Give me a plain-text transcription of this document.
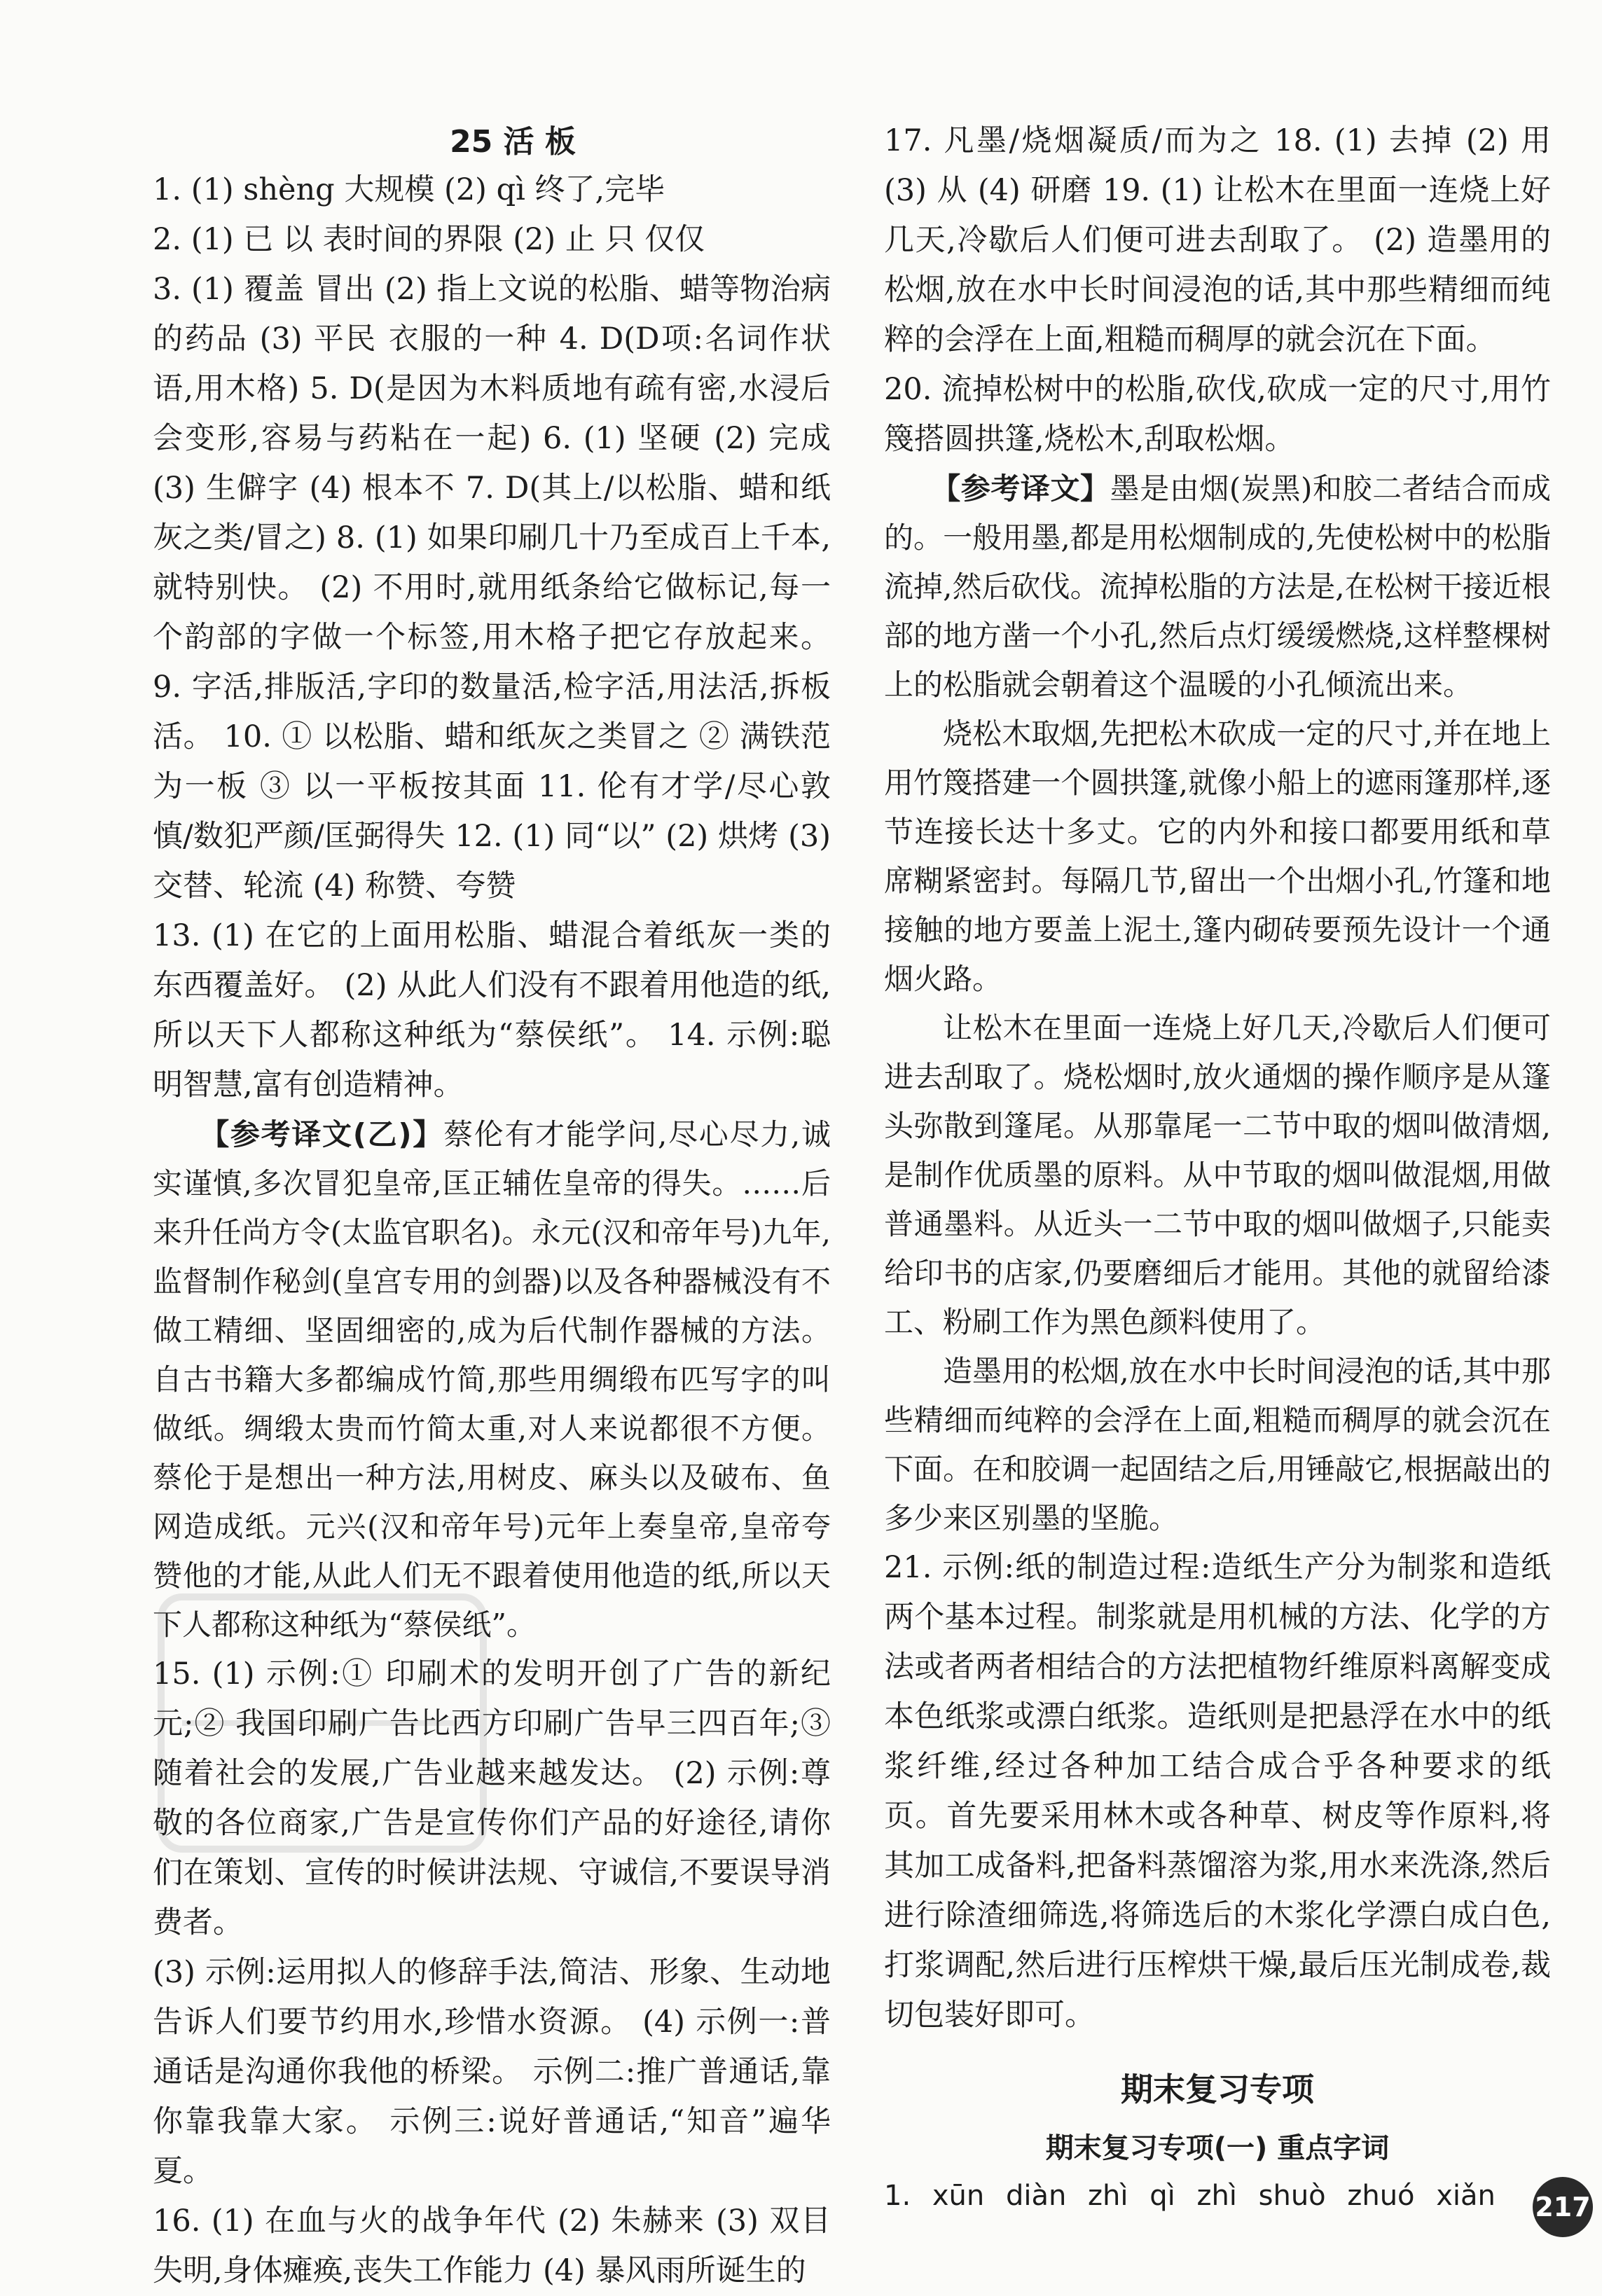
25 活 板

1. (1) shèng 大规模 (2) qì 终了,完毕

2. (1) 已 以 表时间的界限 (2) 止 只 仅仅

3. (1) 覆盖 冒出 (2) 指上文说的松脂、蜡等物治病的药品 (3) 平民 衣服的一种 4. D(D项:名词作状语,用木格) 5. D(是因为木料质地有疏有密,水浸后会变形,容易与药粘在一起) 6. (1) 坚硬 (2) 完成 (3) 生僻字 (4) 根本不 7. D(其上/以松脂、蜡和纸灰之类/冒之) 8. (1) 如果印刷几十乃至成百上千本,就特别快。 (2) 不用时,就用纸条给它做标记,每一个韵部的字做一个标签,用木格子把它存放起来。 9. 字活,排版活,字印的数量活,检字活,用法活,拆板活。 10. ① 以松脂、蜡和纸灰之类冒之 ② 满铁范为一板 ③ 以一平板按其面 11. 伦有才学/尽心敦慎/数犯严颜/匡弼得失 12. (1) 同“以” (2) 烘烤 (3) 交替、轮流 (4) 称赞、夸赞

13. (1) 在它的上面用松脂、蜡混合着纸灰一类的东西覆盖好。 (2) 从此人们没有不跟着用他造的纸,所以天下人都称这种纸为“蔡侯纸”。 14. 示例:聪明智慧,富有创造精神。

【参考译文(乙)】蔡伦有才能学问,尽心尽力,诚实谨慎,多次冒犯皇帝,匡正辅佐皇帝的得失。……后来升任尚方令(太监官职名)。永元(汉和帝年号)九年,监督制作秘剑(皇宫专用的剑器)以及各种器械没有不做工精细、坚固细密的,成为后代制作器械的方法。自古书籍大多都编成竹简,那些用绸缎布匹写字的叫做纸。绸缎太贵而竹简太重,对人来说都很不方便。蔡伦于是想出一种方法,用树皮、麻头以及破布、鱼网造成纸。元兴(汉和帝年号)元年上奏皇帝,皇帝夸赞他的才能,从此人们无不跟着使用他造的纸,所以天下人都称这种纸为“蔡侯纸”。

15. (1) 示例:① 印刷术的发明开创了广告的新纪元;② 我国印刷广告比西方印刷广告早三四百年;③ 随着社会的发展,广告业越来越发达。 (2) 示例:尊敬的各位商家,广告是宣传你们产品的好途径,请你们在策划、宣传的时候讲法规、守诚信,不要误导消费者。

(3) 示例:运用拟人的修辞手法,简洁、形象、生动地告诉人们要节约用水,珍惜水资源。 (4) 示例一:普通话是沟通你我他的桥梁。 示例二:推广普通话,靠你靠我靠大家。 示例三:说好普通话,“知音”遍华夏。

16. (1) 在血与火的战争年代 (2) 朱赫来 (3) 双目失明,身体瘫痪,丧失工作能力 (4) 暴风雨所诞生的

17. 凡墨/烧烟凝质/而为之 18. (1) 去掉 (2) 用 (3) 从 (4) 研磨 19. (1) 让松木在里面一连烧上好几天,冷歇后人们便可进去刮取了。 (2) 造墨用的松烟,放在水中长时间浸泡的话,其中那些精细而纯粹的会浮在上面,粗糙而稠厚的就会沉在下面。

20. 流掉松树中的松脂,砍伐,砍成一定的尺寸,用竹篾搭圆拱篷,烧松木,刮取松烟。

【参考译文】墨是由烟(炭黑)和胶二者结合而成的。一般用墨,都是用松烟制成的,先使松树中的松脂流掉,然后砍伐。流掉松脂的方法是,在松树干接近根部的地方凿一个小孔,然后点灯缓缓燃烧,这样整棵树上的松脂就会朝着这个温暖的小孔倾流出来。

烧松木取烟,先把松木砍成一定的尺寸,并在地上用竹篾搭建一个圆拱篷,就像小船上的遮雨篷那样,逐节连接长达十多丈。它的内外和接口都要用纸和草席糊紧密封。每隔几节,留出一个出烟小孔,竹篷和地接触的地方要盖上泥土,篷内砌砖要预先设计一个通烟火路。

让松木在里面一连烧上好几天,冷歇后人们便可进去刮取了。烧松烟时,放火通烟的操作顺序是从篷头弥散到篷尾。从那靠尾一二节中取的烟叫做清烟,是制作优质墨的原料。从中节取的烟叫做混烟,用做普通墨料。从近头一二节中取的烟叫做烟子,只能卖给印书的店家,仍要磨细后才能用。其他的就留给漆工、粉刷工作为黑色颜料使用了。

造墨用的松烟,放在水中长时间浸泡的话,其中那些精细而纯粹的会浮在上面,粗糙而稠厚的就会沉在下面。在和胶调一起固结之后,用锤敲它,根据敲出的多少来区别墨的坚脆。

21. 示例:纸的制造过程:造纸生产分为制浆和造纸两个基本过程。制浆就是用机械的方法、化学的方法或者两者相结合的方法把植物纤维原料离解变成本色纸浆或漂白纸浆。造纸则是把悬浮在水中的纸浆纤维,经过各种加工结合成合乎各种要求的纸页。首先要采用林木或各种草、树皮等作原料,将其加工成备料,把备料蒸馏溶为浆,用水来洗涤,然后进行除渣细筛选,将筛选后的木浆化学漂白成白色,打浆调配,然后进行压榨烘干燥,最后压光制成卷,裁切包装好即可。

期末复习专项
期末复习专项(一) 重点字词

1. xūn diàn zhì qì zhì shuò zhuó xiǎn	217
